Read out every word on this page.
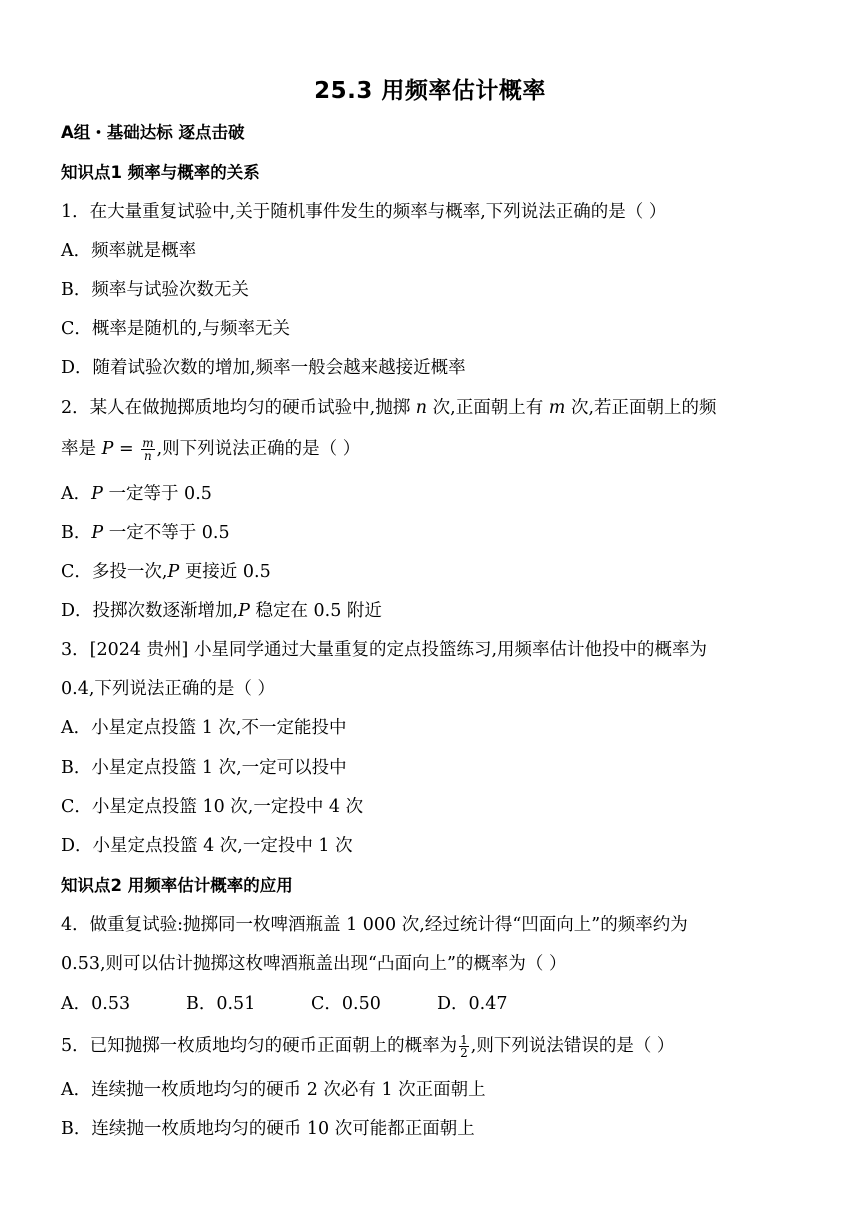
25.3 用频率估计概率
A组・基础达标 逐点击破
知识点1 频率与概率的关系
1．在大量重复试验中,关于随机事件发生的频率与概率,下列说法正确的是（ ）
A．频率就是概率
B．频率与试验次数无关
C．概率是随机的,与频率无关
D．随着试验次数的增加,频率一般会越来越接近概率
2．某人在做抛掷质地均匀的硬币试验中,抛掷 n 次,正面朝上有 m 次,若正面朝上的频
率是 $P = \frac{m}{n}$ ,则下列说法正确的是（ ）
A．P 一定等于 0.5
B．P 一定不等于 0.5
C．多投一次,P 更接近 0.5
D．投掷次数逐渐增加,P 稳定在 0.5 附近
3．[2024 贵州] 小星同学通过大量重复的定点投篮练习,用频率估计他投中的概率为
0.4,下列说法正确的是（ ）
A．小星定点投篮 1 次,不一定能投中
B．小星定点投篮 1 次,一定可以投中
C．小星定点投篮 10 次,一定投中 4 次
D．小星定点投篮 4 次,一定投中 1 次
知识点2 用频率估计概率的应用
4．做重复试验:抛掷同一枚啤酒瓶盖 1 000 次,经过统计得“凹面向上”的频率约为
0.53,则可以估计抛掷这枚啤酒瓶盖出现“凸面向上”的概率为（ ）
A．0.53	B．0.51	C．0.50	D．0.47
5．已知抛掷一枚质地均匀的硬币正面朝上的概率为 $\frac{1}{2}$ ,则下列说法错误的是（ ）
A．连续抛一枚质地均匀的硬币 2 次必有 1 次正面朝上
B．连续抛一枚质地均匀的硬币 10 次可能都正面朝上
